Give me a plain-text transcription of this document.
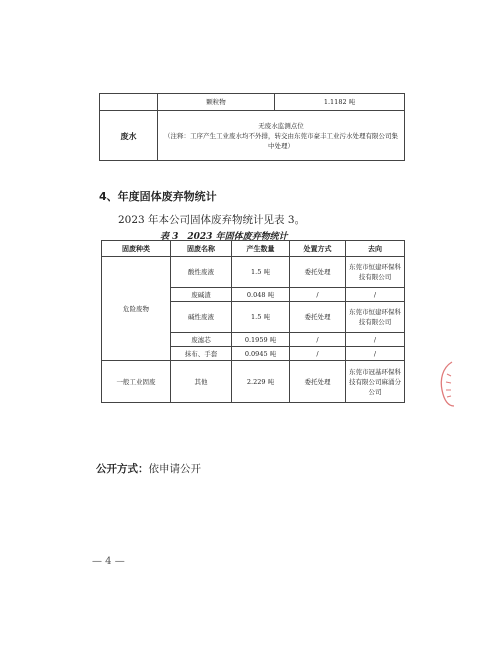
	颗粒物	1.1182 吨
废水	无废水监测点位
（注释：工序产生工业废水均不外排，转交由东莞市豪丰工业污水处理有限公司集中处理）	
4、年度固体废弃物统计
2023 年本公司固体废弃物统计见表 3。
表 3　2023 年固体废弃物统计
固废种类	固废名称	产生数量	处置方式	去向
危险废物	酸性废液	1.5 吨	委托处理	东莞市恒建环保科技有限公司
	废碱渣	0.048 吨	/	/
	碱性废液	1.5 吨	委托处理	东莞市恒建环保科技有限公司
	废滤芯	0.1959 吨	/	/
	抹布、手套	0.0945 吨	/	/
一般工业固废	其他	2.229 吨	委托处理	东莞市冠基环保科技有限公司麻涌分公司
公开方式：依申请公开
— 4 —
